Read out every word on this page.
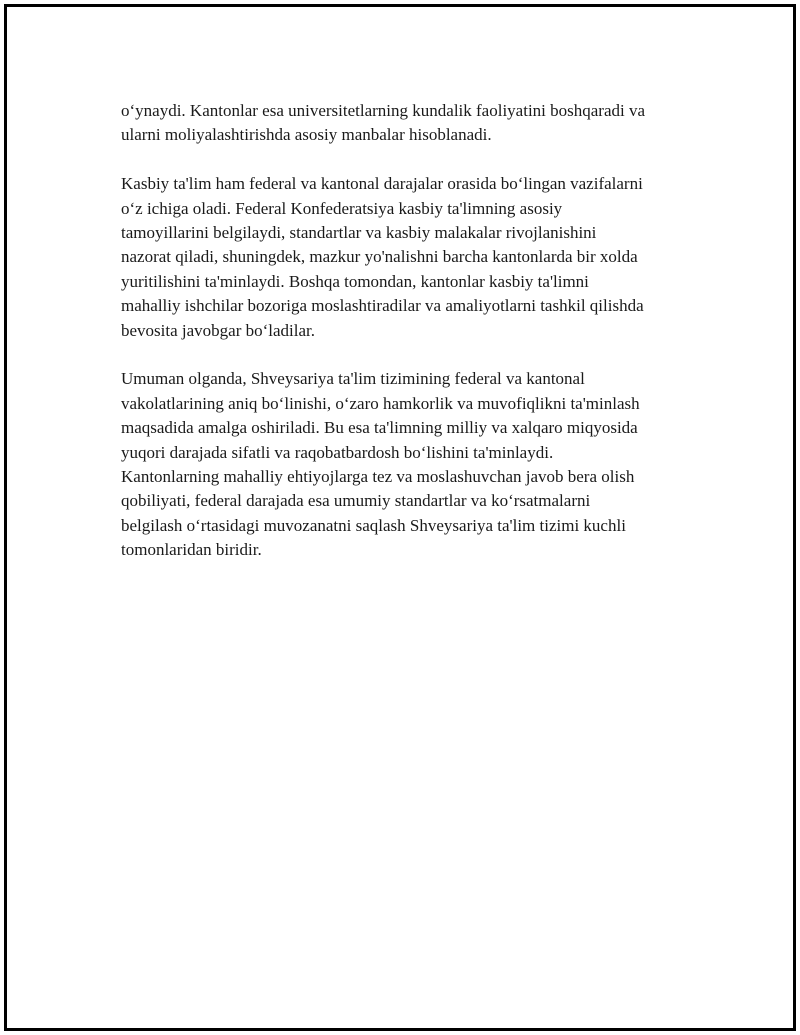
o‘ynaydi. Kantonlar esa universitetlarning kundalik faoliyatini boshqaradi va
ularni moliyalashtirishda asosiy manbalar hisoblanadi.

Kasbiy ta'lim ham federal va kantonal darajalar orasida bo‘lingan vazifalarni
o‘z ichiga oladi. Federal Konfederatsiya kasbiy ta'limning asosiy
tamoyillarini belgilaydi, standartlar va kasbiy malakalar rivojlanishini
nazorat qiladi, shuningdek, mazkur yo'nalishni barcha kantonlarda bir xolda
yuritilishini ta'minlaydi. Boshqa tomondan, kantonlar kasbiy ta'limni
mahalliy ishchilar bozoriga moslashtiradilar va amaliyotlarni tashkil qilishda
bevosita javobgar bo‘ladilar.

Umuman olganda, Shveysariya ta'lim tizimining federal va kantonal
vakolatlarining aniq bo‘linishi, o‘zaro hamkorlik va muvofiqlikni ta'minlash
maqsadida amalga oshiriladi. Bu esa ta'limning milliy va xalqaro miqyosida
yuqori darajada sifatli va raqobatbardosh bo‘lishini ta'minlaydi.
Kantonlarning mahalliy ehtiyojlarga tez va moslashuvchan javob bera olish
qobiliyati, federal darajada esa umumiy standartlar va ko‘rsatmalarni
belgilash o‘rtasidagi muvozanatni saqlash Shveysariya ta'lim tizimi kuchli
tomonlaridan biridir.
